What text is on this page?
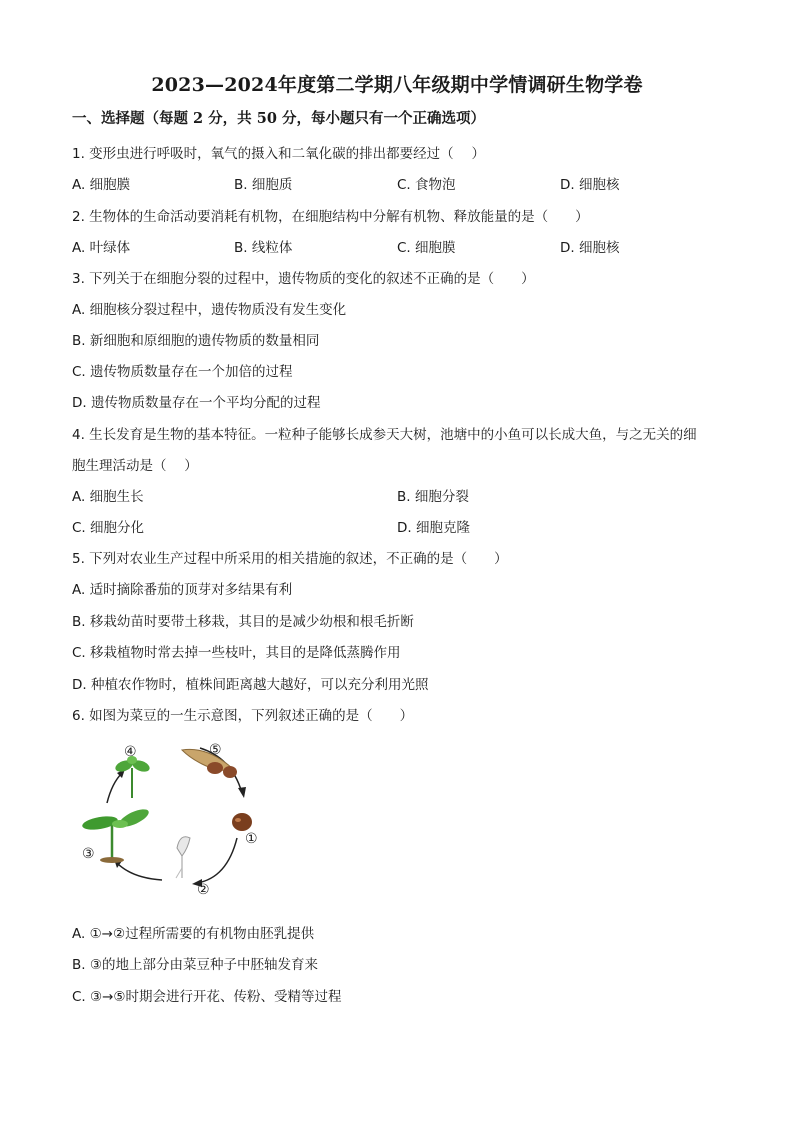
2023—2024年度第二学期八年级期中学情调研生物学卷
一、选择题（每题 2 分，共 50 分，每小题只有一个正确选项）
1. 变形虫进行呼吸时，氧气的摄入和二氧化碳的排出都要经过（　 ）
A. 细胞膜	B. 细胞质	C. 食物泡	D. 细胞核
2. 生物体的生命活动要消耗有机物，在细胞结构中分解有机物、释放能量的是（　　）
A. 叶绿体	B. 线粒体	C. 细胞膜	D. 细胞核
3. 下列关于在细胞分裂的过程中，遗传物质的变化的叙述不正确的是（　　）
A. 细胞核分裂过程中，遗传物质没有发生变化
B. 新细胞和原细胞的遗传物质的数量相同
C. 遗传物质数量存在一个加倍的过程
D. 遗传物质数量存在一个平均分配的过程
4. 生长发育是生物的基本特征。一粒种子能够长成参天大树，池塘中的小鱼可以长成大鱼，与之无关的细
胞生理活动是（　 ）
A. 细胞生长	B. 细胞分裂
C. 细胞分化	D. 细胞克隆
5. 下列对农业生产过程中所采用的相关措施的叙述，不正确的是（　　）
A. 适时摘除番茄的顶芽对多结果有利
B. 移栽幼苗时要带土移栽，其目的是减少幼根和根毛折断
C. 移栽植物时常去掉一些枝叶，其目的是降低蒸腾作用
D. 种植农作物时，植株间距离越大越好，可以充分利用光照
6. 如图为菜豆的一生示意图，下列叙述正确的是（　　）
④	⑤
①
②
③
A. ①→②过程所需要的有机物由胚乳提供
B. ③的地上部分由菜豆种子中胚轴发育来
C. ③→⑤时期会进行开花、传粉、受精等过程
